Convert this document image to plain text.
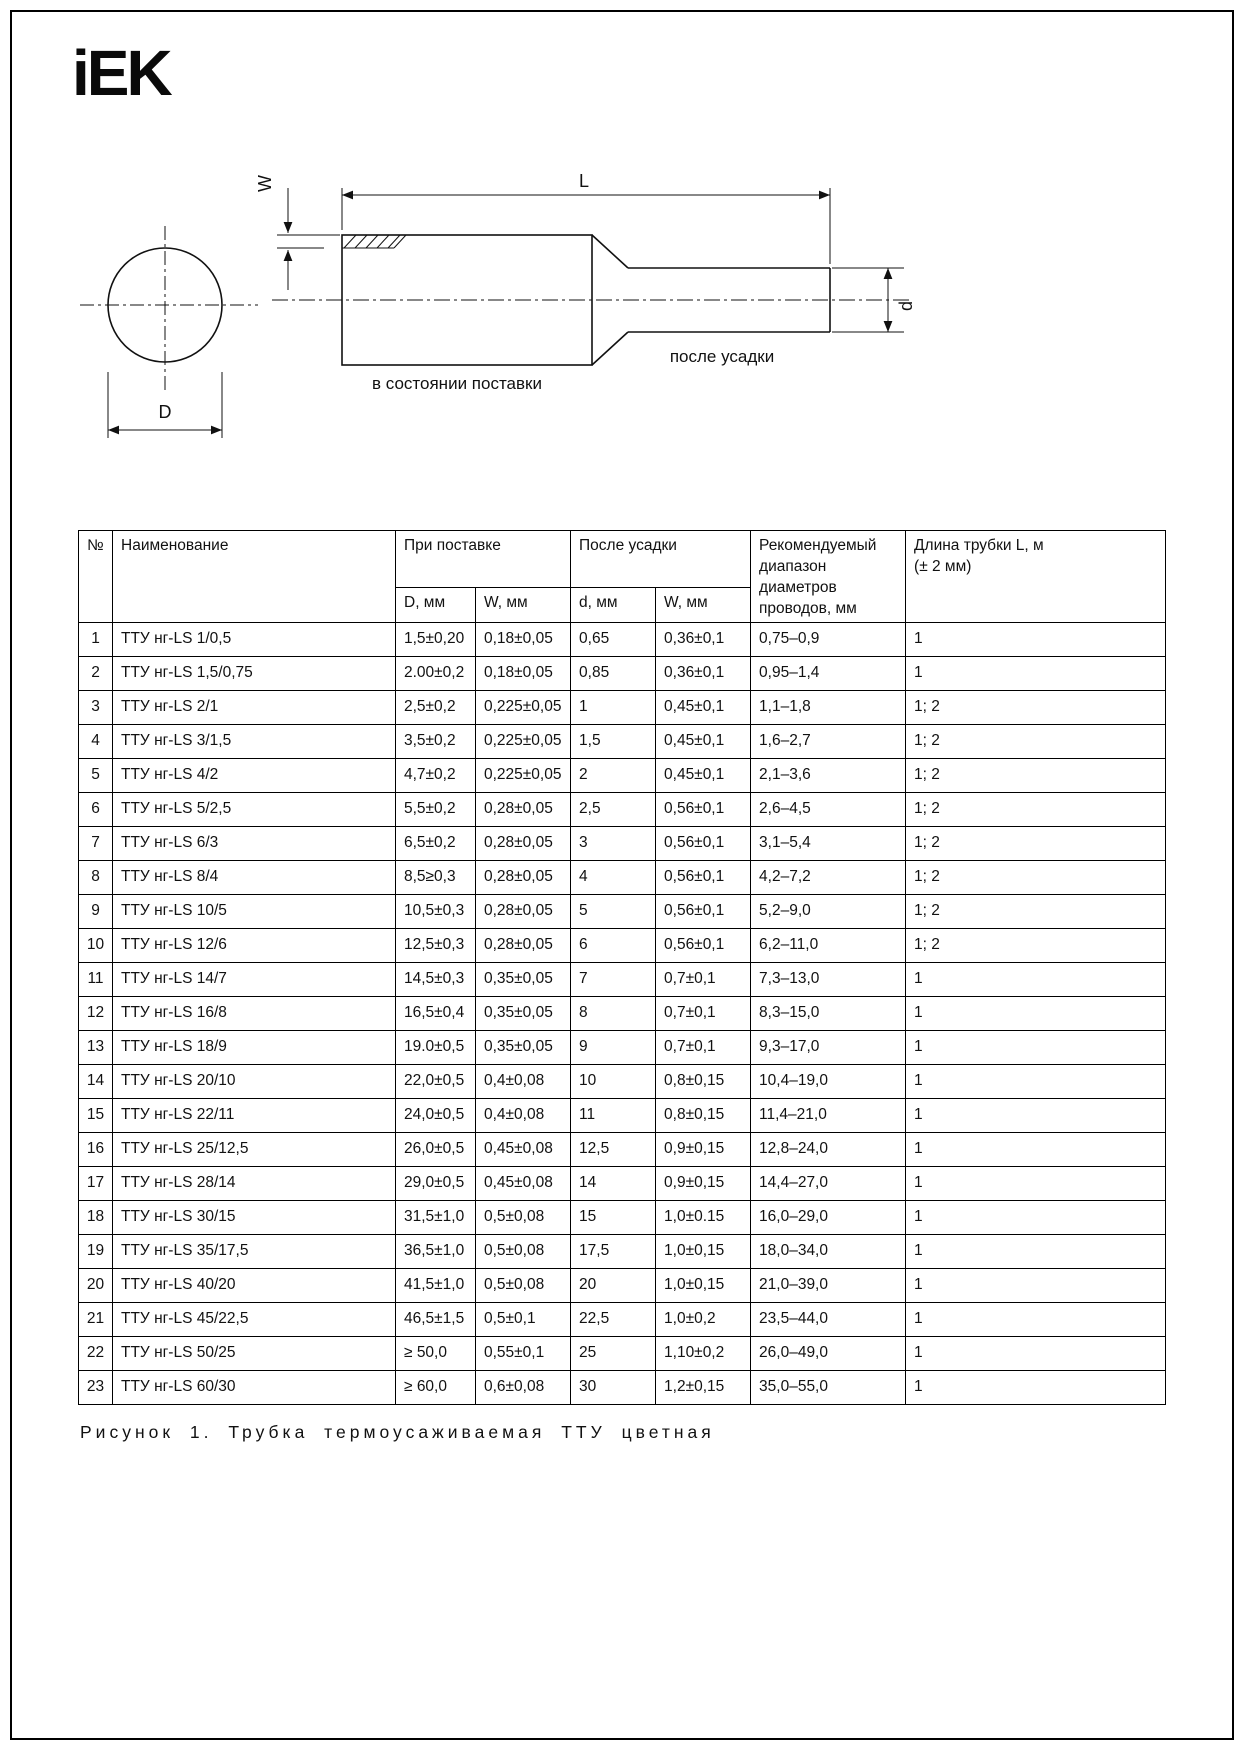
iEK
W	L
d
D
в состоянии поставки
после усадки
№	Наименование	При поставке		После усадки		Рекомендуемый диапазон диаметров проводов, мм	Длина трубки L, м
(± 2 мм)

		D, мм	W, мм	d, мм	W, мм		
1	ТТУ нг-LS 1/0,5	1,5±0,20	0,18±0,05	0,65	0,36±0,1	0,75–0,9	1
2	ТТУ нг-LS 1,5/0,75	2.00±0,2	0,18±0,05	0,85	0,36±0,1	0,95–1,4	1
3	ТТУ нг-LS 2/1	2,5±0,2	0,225±0,05	1	0,45±0,1	1,1–1,8	1; 2
4	ТТУ нг-LS 3/1,5	3,5±0,2	0,225±0,05	1,5	0,45±0,1	1,6–2,7	1; 2
5	ТТУ нг-LS 4/2	4,7±0,2	0,225±0,05	2	0,45±0,1	2,1–3,6	1; 2
6	ТТУ нг-LS 5/2,5	5,5±0,2	0,28±0,05	2,5	0,56±0,1	2,6–4,5	1; 2
7	ТТУ нг-LS 6/3	6,5±0,2	0,28±0,05	3	0,56±0,1	3,1–5,4	1; 2
8	ТТУ нг-LS 8/4	8,5≥0,3	0,28±0,05	4	0,56±0,1	4,2–7,2	1; 2
9	ТТУ нг-LS 10/5	10,5±0,3	0,28±0,05	5	0,56±0,1	5,2–9,0	1; 2
10	ТТУ нг-LS 12/6	12,5±0,3	0,28±0,05	6	0,56±0,1	6,2–11,0	1; 2
11	ТТУ нг-LS 14/7	14,5±0,3	0,35±0,05	7	0,7±0,1	7,3–13,0	1
12	ТТУ нг-LS 16/8	16,5±0,4	0,35±0,05	8	0,7±0,1	8,3–15,0	1
13	ТТУ нг-LS 18/9	19.0±0,5	0,35±0,05	9	0,7±0,1	9,3–17,0	1
14	ТТУ нг-LS 20/10	22,0±0,5	0,4±0,08	10	0,8±0,15	10,4–19,0	1
15	ТТУ нг-LS 22/11	24,0±0,5	0,4±0,08	11	0,8±0,15	11,4–21,0	1
16	ТТУ нг-LS 25/12,5	26,0±0,5	0,45±0,08	12,5	0,9±0,15	12,8–24,0	1
17	ТТУ нг-LS 28/14	29,0±0,5	0,45±0,08	14	0,9±0,15	14,4–27,0	1
18	ТТУ нг-LS 30/15	31,5±1,0	0,5±0,08	15	1,0±0.15	16,0–29,0	1
19	ТТУ нг-LS 35/17,5	36,5±1,0	0,5±0,08	17,5	1,0±0,15	18,0–34,0	1
20	ТТУ нг-LS 40/20	41,5±1,0	0,5±0,08	20	1,0±0,15	21,0–39,0	1
21	ТТУ нг-LS 45/22,5	46,5±1,5	0,5±0,1	22,5	1,0±0,2	23,5–44,0	1
22	ТТУ нг-LS 50/25	≥ 50,0	0,55±0,1	25	1,10±0,2	26,0–49,0	1
23	ТТУ нг-LS 60/30	≥ 60,0	0,6±0,08	30	1,2±0,15	35,0–55,0	1
Рисунок 1. Трубка термоусаживаемая ТТУ цветная
